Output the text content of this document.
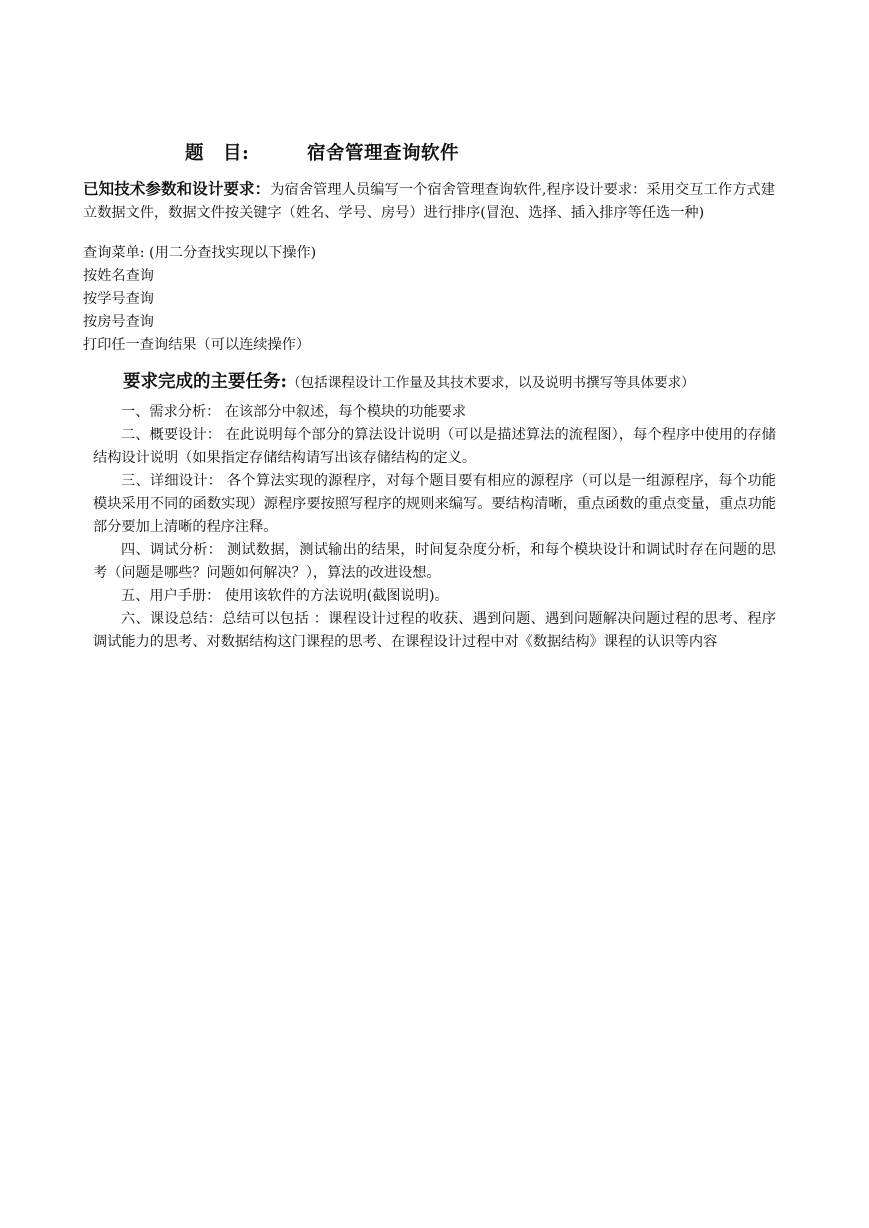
题　目:	宿舍管理查询软件
已知技术参数和设计要求：为宿舍管理人员编写一个宿舍管理查询软件,程序设计要求：采用交互工作方式建立数据文件，数据文件按关键字（姓名、学号、房号）进行排序(冒泡、选择、插入排序等任选一种)
查询菜单: (用二分查找实现以下操作)
按姓名查询
按学号查询
按房号查询
打印任一查询结果（可以连续操作）
要求完成的主要任务:（包括课程设计工作量及其技术要求，以及说明书撰写等具体要求）

一、需求分析： 在该部分中叙述，每个模块的功能要求

二、概要设计： 在此说明每个部分的算法设计说明（可以是描述算法的流程图），每个程序中使用的存储结构设计说明（如果指定存储结构请写出该存储结构的定义。

三、详细设计： 各个算法实现的源程序，对每个题目要有相应的源程序（可以是一组源程序，每个功能模块采用不同的函数实现）源程序要按照写程序的规则来编写。要结构清晰，重点函数的重点变量，重点功能部分要加上清晰的程序注释。

四、调试分析： 测试数据，测试输出的结果，时间复杂度分析，和每个模块设计和调试时存在问题的思考（问题是哪些？问题如何解决？），算法的改进设想。

五、用户手册： 使用该软件的方法说明(截图说明)。

六、课设总结：总结可以包括 ：课程设计过程的收获、遇到问题、遇到问题解决问题过程的思考、程序调试能力的思考、对数据结构这门课程的思考、在课程设计过程中对《数据结构》课程的认识等内容
